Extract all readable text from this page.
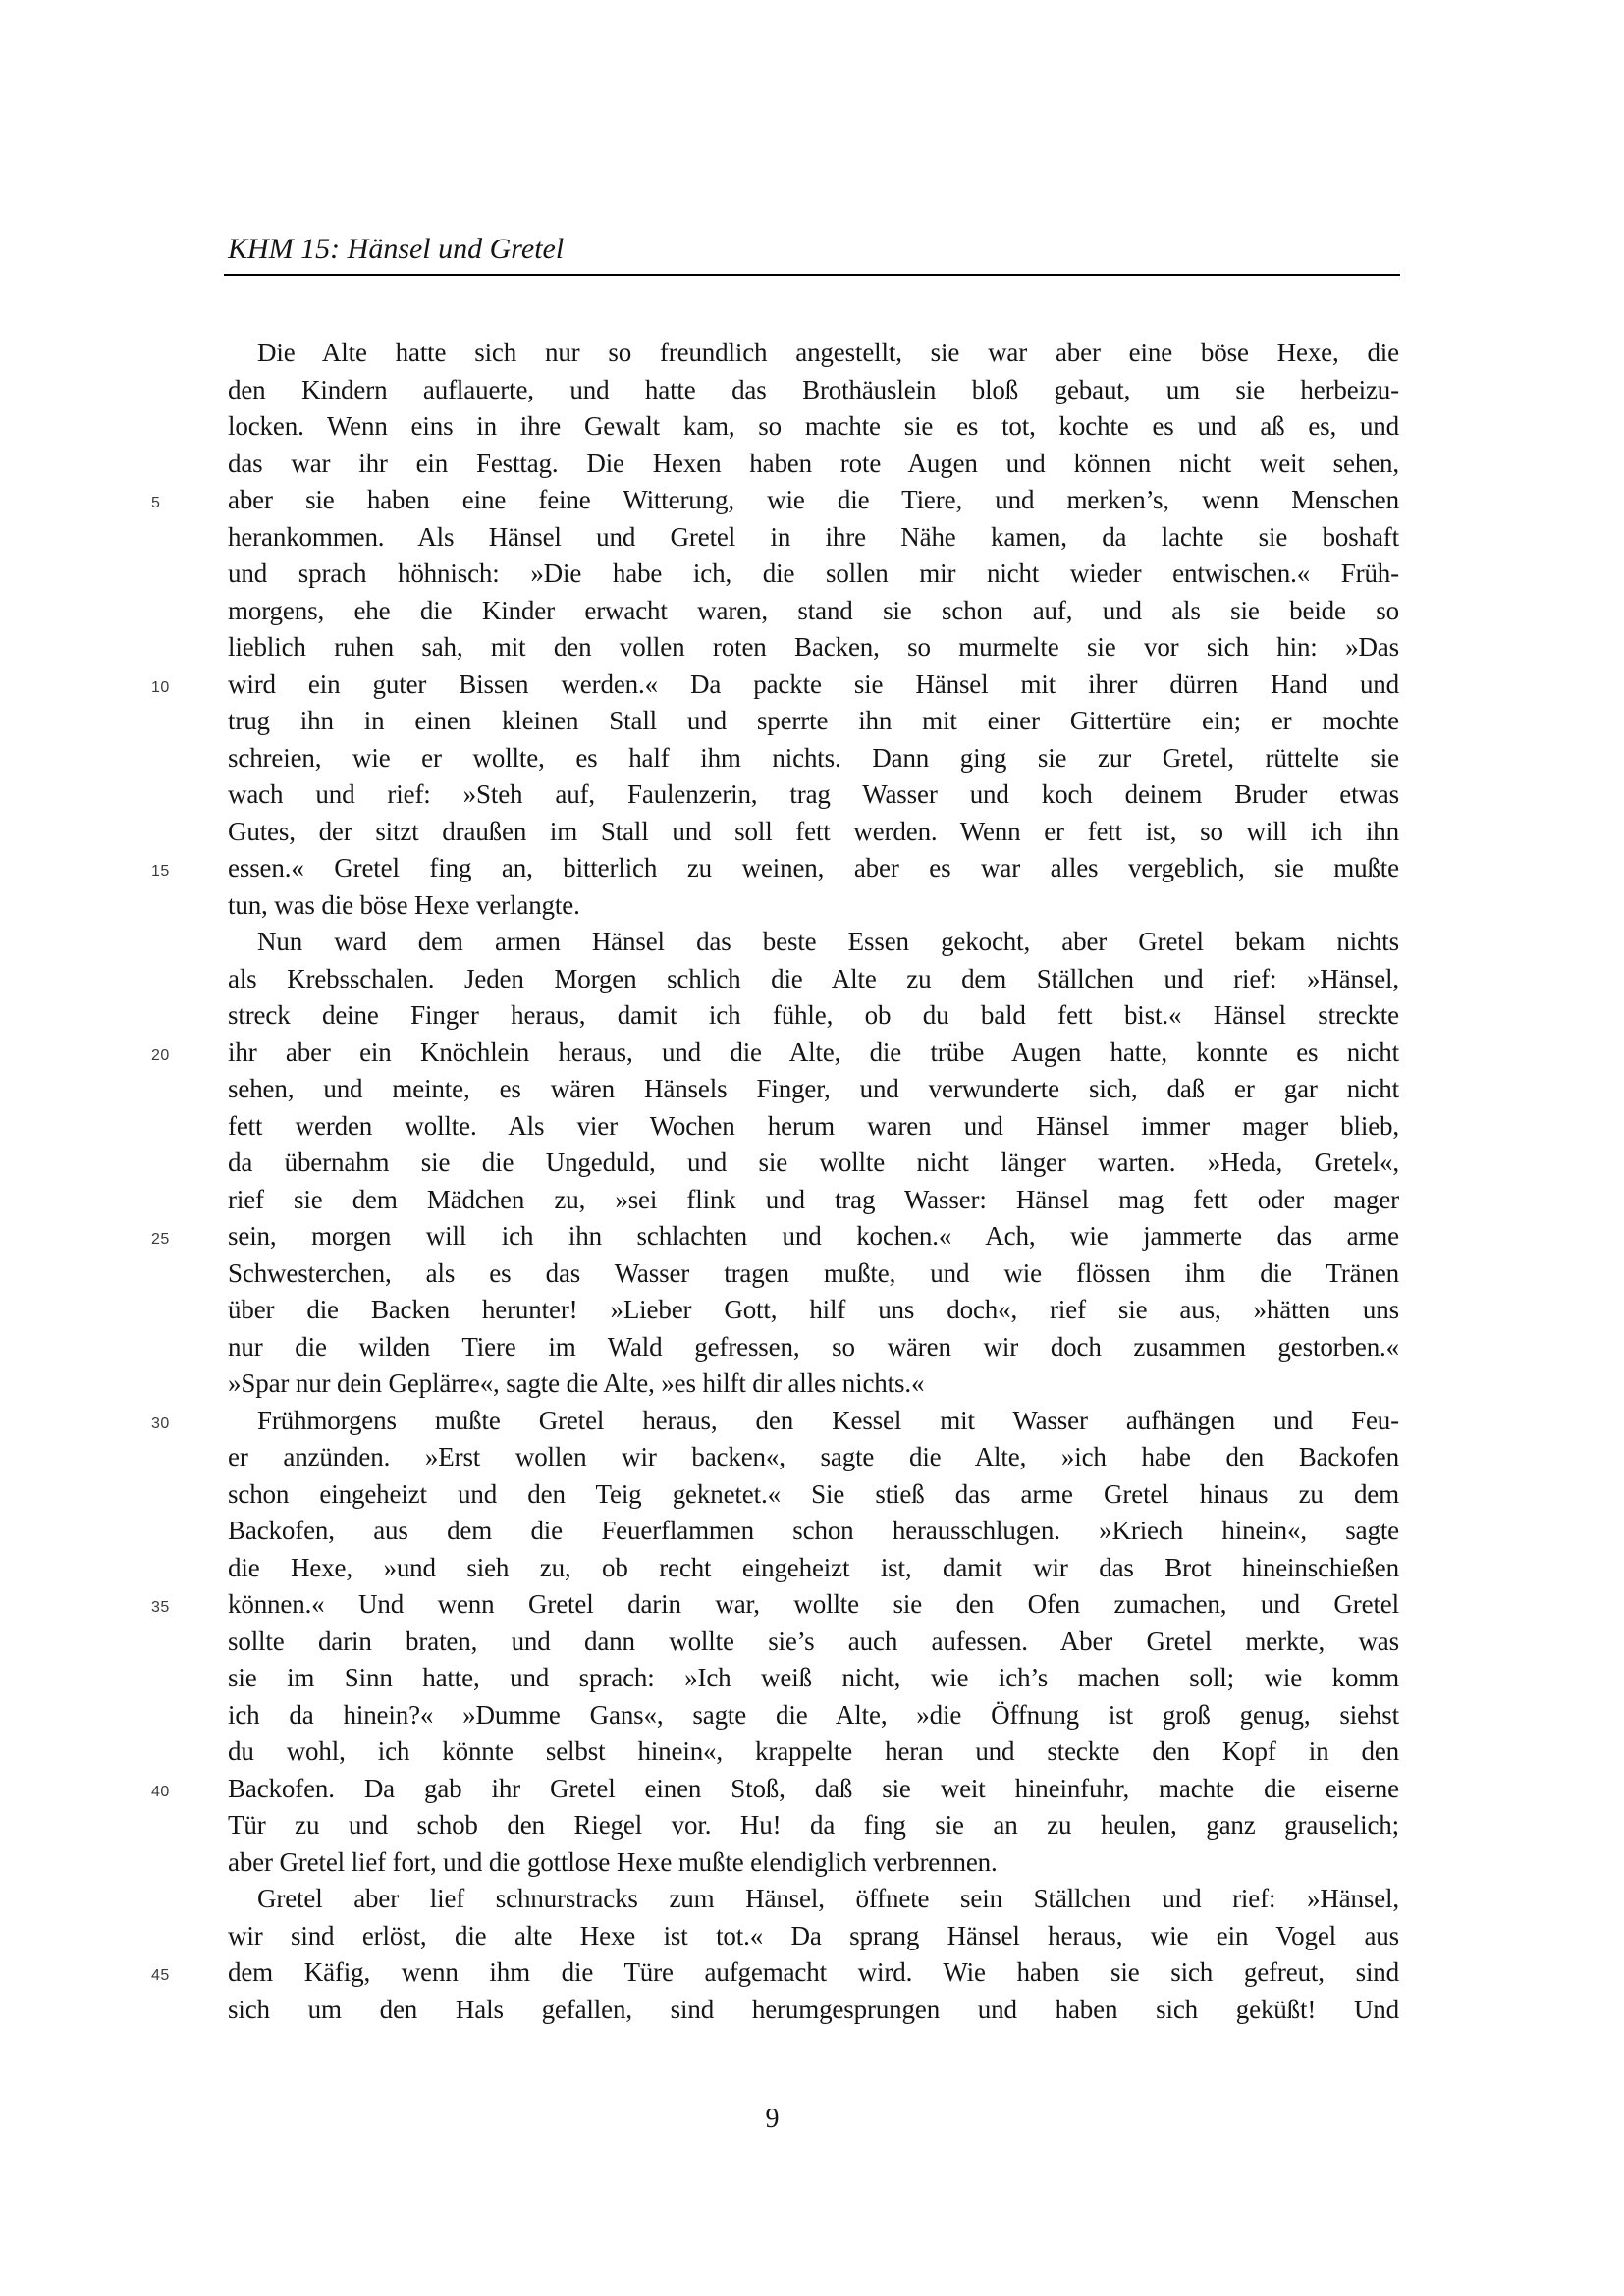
KHM 15: Hänsel und Gretel
Die Alte hatte sich nur so freundlich angestellt, sie war aber eine böse Hexe, die
den Kindern auflauerte, und hatte das Brothäuslein bloß gebaut, um sie herbeizu-
locken. Wenn eins in ihre Gewalt kam, so machte sie es tot, kochte es und aß es, und
das war ihr ein Festtag. Die Hexen haben rote Augen und können nicht weit sehen,
5	aber sie haben eine feine Witterung, wie die Tiere, und merken’s, wenn Menschen
herankommen. Als Hänsel und Gretel in ihre Nähe kamen, da lachte sie boshaft
und sprach höhnisch: »Die habe ich, die sollen mir nicht wieder entwischen.« Früh-
morgens, ehe die Kinder erwacht waren, stand sie schon auf, und als sie beide so
lieblich ruhen sah, mit den vollen roten Backen, so murmelte sie vor sich hin: »Das
10	wird ein guter Bissen werden.« Da packte sie Hänsel mit ihrer dürren Hand und
trug ihn in einen kleinen Stall und sperrte ihn mit einer Gittertüre ein; er mochte
schreien, wie er wollte, es half ihm nichts. Dann ging sie zur Gretel, rüttelte sie
wach und rief: »Steh auf, Faulenzerin, trag Wasser und koch deinem Bruder etwas
Gutes, der sitzt draußen im Stall und soll fett werden. Wenn er fett ist, so will ich ihn
15	essen.« Gretel fing an, bitterlich zu weinen, aber es war alles vergeblich, sie mußte
tun, was die böse Hexe verlangte.
Nun ward dem armen Hänsel das beste Essen gekocht, aber Gretel bekam nichts
als Krebsschalen. Jeden Morgen schlich die Alte zu dem Ställchen und rief: »Hänsel,
streck deine Finger heraus, damit ich fühle, ob du bald fett bist.« Hänsel streckte
20	ihr aber ein Knöchlein heraus, und die Alte, die trübe Augen hatte, konnte es nicht
sehen, und meinte, es wären Hänsels Finger, und verwunderte sich, daß er gar nicht
fett werden wollte. Als vier Wochen herum waren und Hänsel immer mager blieb,
da übernahm sie die Ungeduld, und sie wollte nicht länger warten. »Heda, Gretel«,
rief sie dem Mädchen zu, »sei flink und trag Wasser: Hänsel mag fett oder mager
25	sein, morgen will ich ihn schlachten und kochen.« Ach, wie jammerte das arme
Schwesterchen, als es das Wasser tragen mußte, und wie flössen ihm die Tränen
über die Backen herunter! »Lieber Gott, hilf uns doch«, rief sie aus, »hätten uns
nur die wilden Tiere im Wald gefressen, so wären wir doch zusammen gestorben.«
»Spar nur dein Geplärre«, sagte die Alte, »es hilft dir alles nichts.«
30	Frühmorgens mußte Gretel heraus, den Kessel mit Wasser aufhängen und Feu-
er anzünden. »Erst wollen wir backen«, sagte die Alte, »ich habe den Backofen
schon eingeheizt und den Teig geknetet.« Sie stieß das arme Gretel hinaus zu dem
Backofen, aus dem die Feuerflammen schon herausschlugen. »Kriech hinein«, sagte
die Hexe, »und sieh zu, ob recht eingeheizt ist, damit wir das Brot hineinschießen
35	können.« Und wenn Gretel darin war, wollte sie den Ofen zumachen, und Gretel
sollte darin braten, und dann wollte sie’s auch aufessen. Aber Gretel merkte, was
sie im Sinn hatte, und sprach: »Ich weiß nicht, wie ich’s machen soll; wie komm
ich da hinein?« »Dumme Gans«, sagte die Alte, »die Öffnung ist groß genug, siehst
du wohl, ich könnte selbst hinein«, krappelte heran und steckte den Kopf in den
40	Backofen. Da gab ihr Gretel einen Stoß, daß sie weit hineinfuhr, machte die eiserne
Tür zu und schob den Riegel vor. Hu! da fing sie an zu heulen, ganz grauselich;
aber Gretel lief fort, und die gottlose Hexe mußte elendiglich verbrennen.
Gretel aber lief schnurstracks zum Hänsel, öffnete sein Ställchen und rief: »Hänsel,
wir sind erlöst, die alte Hexe ist tot.« Da sprang Hänsel heraus, wie ein Vogel aus
45	dem Käfig, wenn ihm die Türe aufgemacht wird. Wie haben sie sich gefreut, sind
sich um den Hals gefallen, sind herumgesprungen und haben sich geküßt! Und
9
